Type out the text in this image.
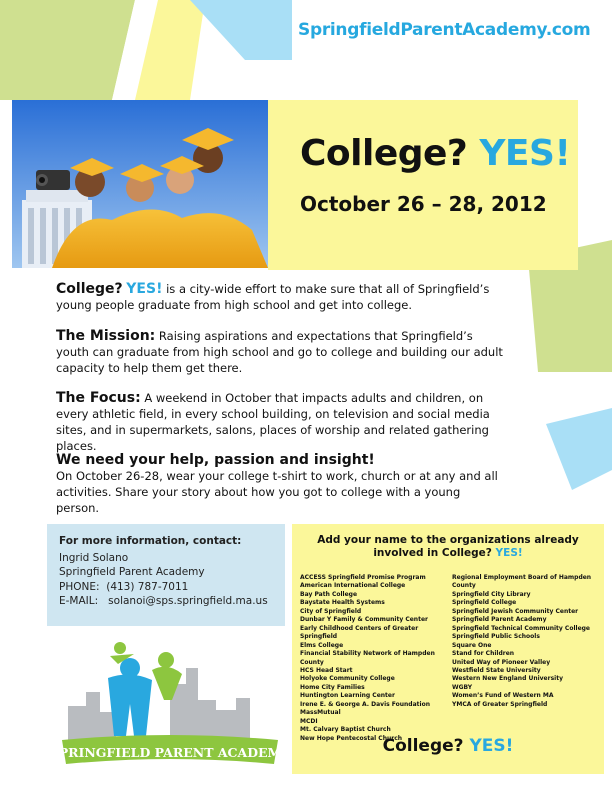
SpringfieldParentAcademy.com
College? YES!
October 26 – 28, 2012
College? YES! is a city-wide effort to make sure that all of Springfield’s young people graduate from high school and get into college.
The Mission: Raising aspirations and expectations that Springfield’s youth can graduate from high school and go to college and building our adult capacity to help them get there.
The Focus: A weekend in October that impacts adults and children, on every athletic field, in every school building, on television and social media sites, and in supermarkets, salons, places of worship and related gathering places.
We need your help, passion and insight!
On October 26-28, wear your college t-shirt to work, church or at any and all activities. Share your story about how you got to college with a young person.
For more information, contact:
Ingrid Solano
Springfield Parent Academy
PHONE: (413) 787-7011
E-MAIL: solanoi@sps.springfield.ma.us
Add your name to the organizations already
involved in College? YES!
ACCESS Springfield Promise Program
American International College
Bay Path College
Baystate Health Systems
City of Springfield
Dunbar Y Family & Community Center
Early Childhood Centers of Greater Springfield
Elms College
Financial Stability Network of Hampden County
HCS Head Start
Holyoke Community College
Home City Families
Huntington Learning Center
Irene E. & George A. Davis Foundation
MassMutual
MCDI
Mt. Calvary Baptist Church
New Hope Pentecostal Church
Regional Employment Board of Hampden County
Springfield City Library
Springfield College
Springfield Jewish Community Center
Springfield Parent Academy
Springfield Technical Community College
Springfield Public Schools
Square One
Stand for Children
United Way of Pioneer Valley
Westfield State University
Western New England University
WGBY
Women’s Fund of Western MA
YMCA of Greater Springfield
College? YES!
SPRINGFIELD PARENT ACADEMY
